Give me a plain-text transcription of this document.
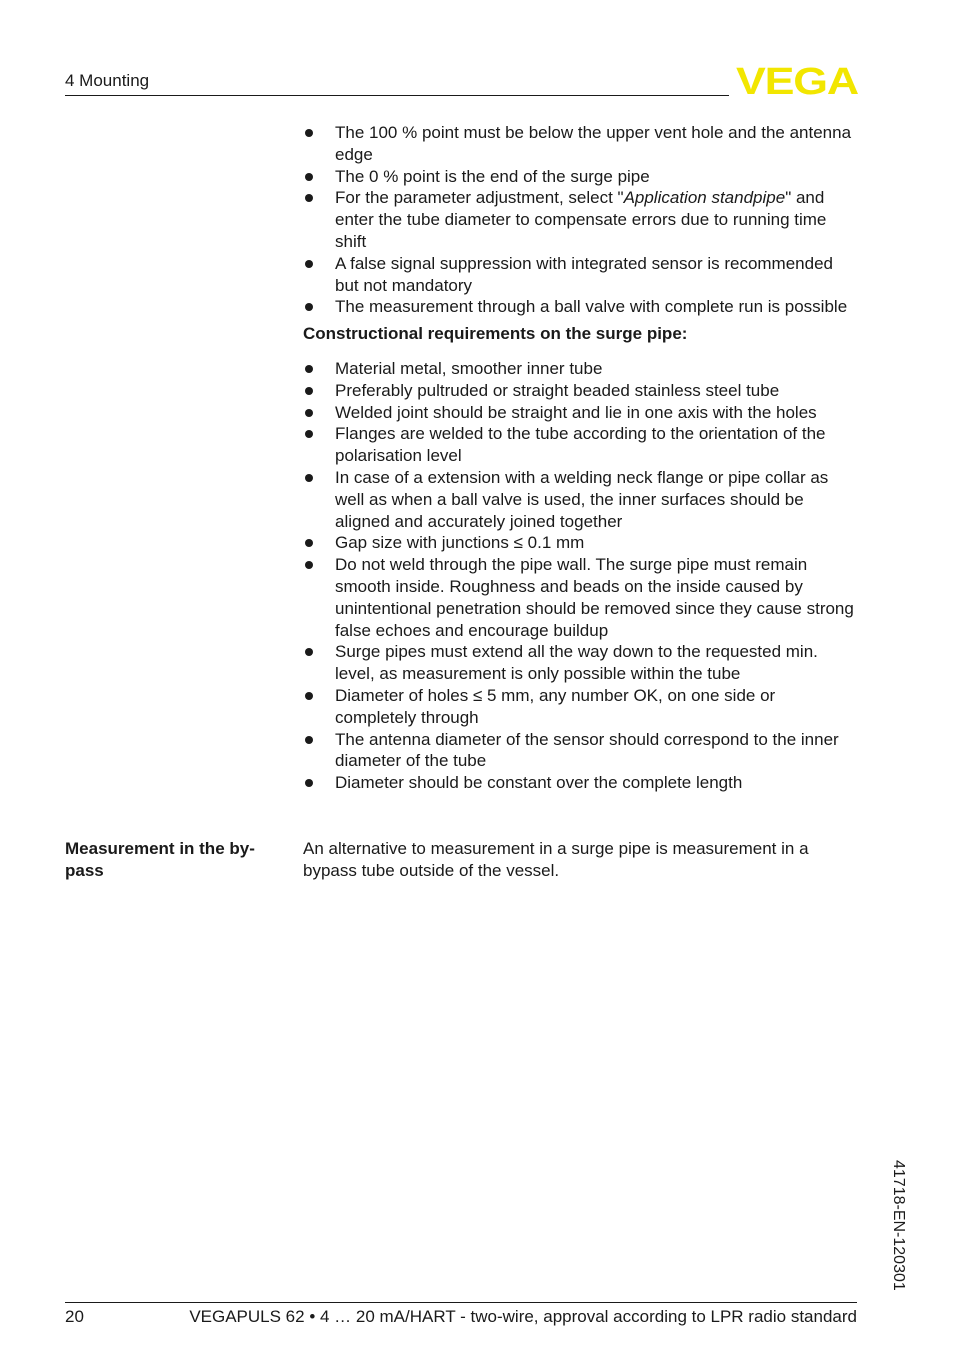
4 Mounting	VEGA
The 100 % point must be below the upper vent hole and the antenna edge
The 0 % point is the end of the surge pipe
For the parameter adjustment, select "Application standpipe" and enter the tube diameter to compensate errors due to running time shift
A false signal suppression with integrated sensor is recommended but not mandatory
The measurement through a ball valve with complete run is possible
Constructional requirements on the surge pipe:
Material metal, smoother inner tube
Preferably pultruded or straight beaded stainless steel tube
Welded joint should be straight and lie in one axis with the holes
Flanges are welded to the tube according to the orientation of the polarisation level
In case of a extension with a welding neck flange or pipe collar as well as when a ball valve is used, the inner surfaces should be aligned and accurately joined together
Gap size with junctions ≤ 0.1 mm
Do not weld through the pipe wall. The surge pipe must remain smooth inside. Roughness and beads on the inside caused by unintentional penetration should be removed since they cause strong false echoes and encourage buildup
Surge pipes must extend all the way down to the requested min. level, as measurement is only possible within the tube
Diameter of holes ≤ 5 mm, any number OK, on one side or completely through
The antenna diameter of the sensor should correspond to the inner diameter of the tube
Diameter should be constant over the complete length
Measurement in the by-pass
An alternative to measurement in a surge pipe is measurement in a bypass tube outside of the vessel.
41718-EN-120301
20	VEGAPULS 62 • 4 … 20 mA/HART - two-wire, approval according to LPR radio standard
